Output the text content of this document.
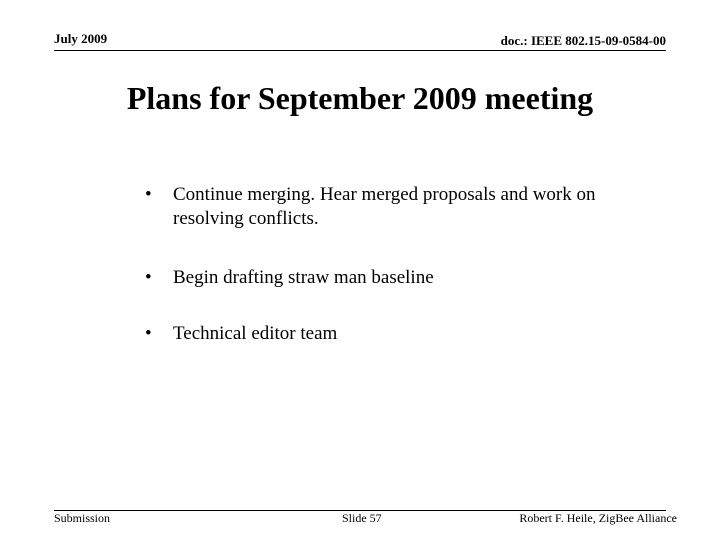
July 2009	doc.: IEEE 802.15-09-0584-00
Plans for September 2009 meeting
•	Continue merging. Hear merged proposals and work on resolving conflicts.
•	Begin drafting straw man baseline
•	Technical editor team
Submission	Slide 57	Robert F. Heile, ZigBee Alliance
